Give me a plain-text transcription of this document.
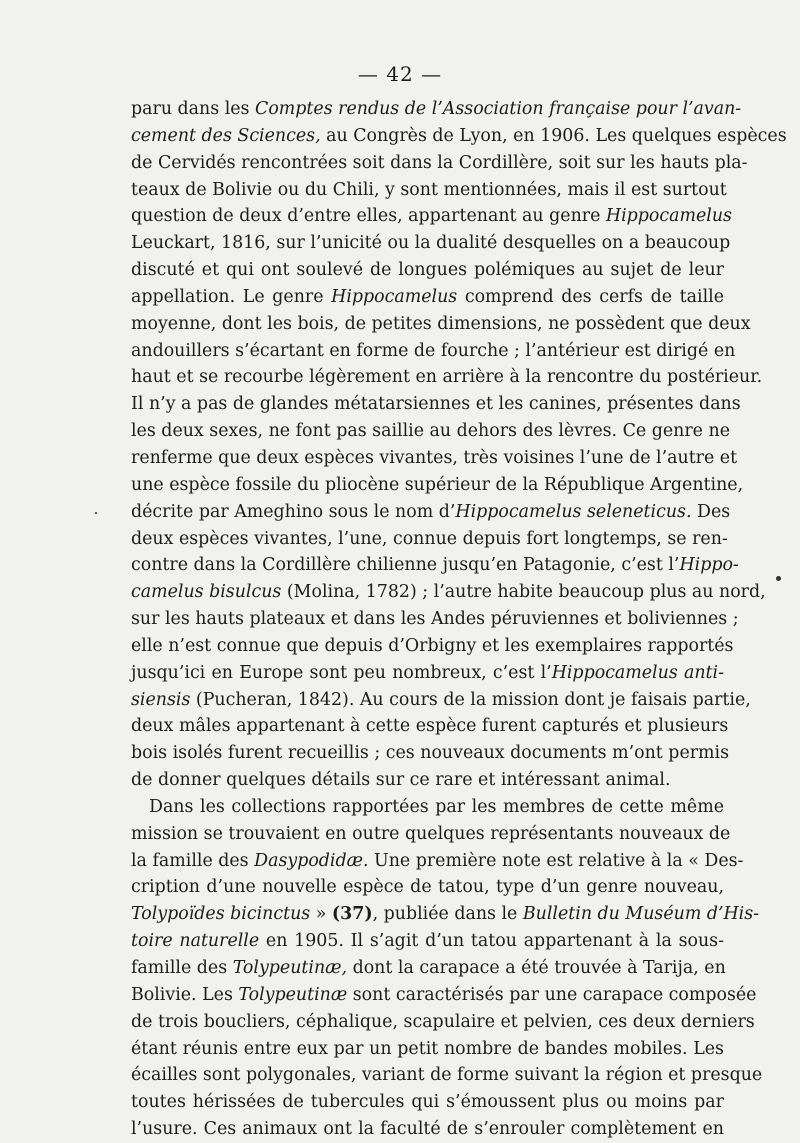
— 42 —
paru dans les Comptes rendus de l’Association française pour l’avan-
cement des Sciences, au Congrès de Lyon, en 1906. Les quelques espèces
de Cervidés rencontrées soit dans la Cordillère, soit sur les hauts pla-
teaux de Bolivie ou du Chili, y sont mentionnées, mais il est surtout
question de deux d’entre elles, appartenant au genre Hippocamelus
Leuckart, 1816, sur l’unicité ou la dualité desquelles on a beaucoup
discuté et qui ont soulevé de longues polémiques au sujet de leur
appellation. Le genre Hippocamelus comprend des cerfs de taille
moyenne, dont les bois, de petites dimensions, ne possèdent que deux
andouillers s’écartant en forme de fourche ; l’antérieur est dirigé en
haut et se recourbe légèrement en arrière à la rencontre du postérieur.
Il n’y a pas de glandes métatarsiennes et les canines, présentes dans
les deux sexes, ne font pas saillie au dehors des lèvres. Ce genre ne
renferme que deux espèces vivantes, très voisines l’une de l’autre et
une espèce fossile du pliocène supérieur de la République Argentine,
décrite par Ameghino sous le nom d’Hippocamelus seleneticus. Des
deux espèces vivantes, l’une, connue depuis fort longtemps, se ren-
contre dans la Cordillère chilienne jusqu’en Patagonie, c’est l’Hippo-
camelus bisulcus (Molina, 1782) ; l’autre habite beaucoup plus au nord,
sur les hauts plateaux et dans les Andes péruviennes et boliviennes ;
elle n’est connue que depuis d’Orbigny et les exemplaires rapportés
jusqu’ici en Europe sont peu nombreux, c’est l’Hippocamelus anti-
siensis (Pucheran, 1842). Au cours de la mission dont je faisais partie,
deux mâles appartenant à cette espèce furent capturés et plusieurs
bois isolés furent recueillis ; ces nouveaux documents m’ont permis
de donner quelques détails sur ce rare et intéressant animal.
Dans les collections rapportées par les membres de cette même
mission se trouvaient en outre quelques représentants nouveaux de
la famille des Dasypodidæ. Une première note est relative à la « Des-
cription d’une nouvelle espèce de tatou, type d’un genre nouveau,
Tolypoïdes bicinctus » (37), publiée dans le Bulletin du Muséum d’His-
toire naturelle en 1905. Il s’agit d’un tatou appartenant à la sous-
famille des Tolypeutinæ, dont la carapace a été trouvée à Tarija, en
Bolivie. Les Tolypeutinæ sont caractérisés par une carapace composée
de trois boucliers, céphalique, scapulaire et pelvien, ces deux derniers
étant réunis entre eux par un petit nombre de bandes mobiles. Les
écailles sont polygonales, variant de forme suivant la région et presque
toutes hérissées de tubercules qui s’émoussent plus ou moins par
l’usure. Ces animaux ont la faculté de s’enrouler complètement en
